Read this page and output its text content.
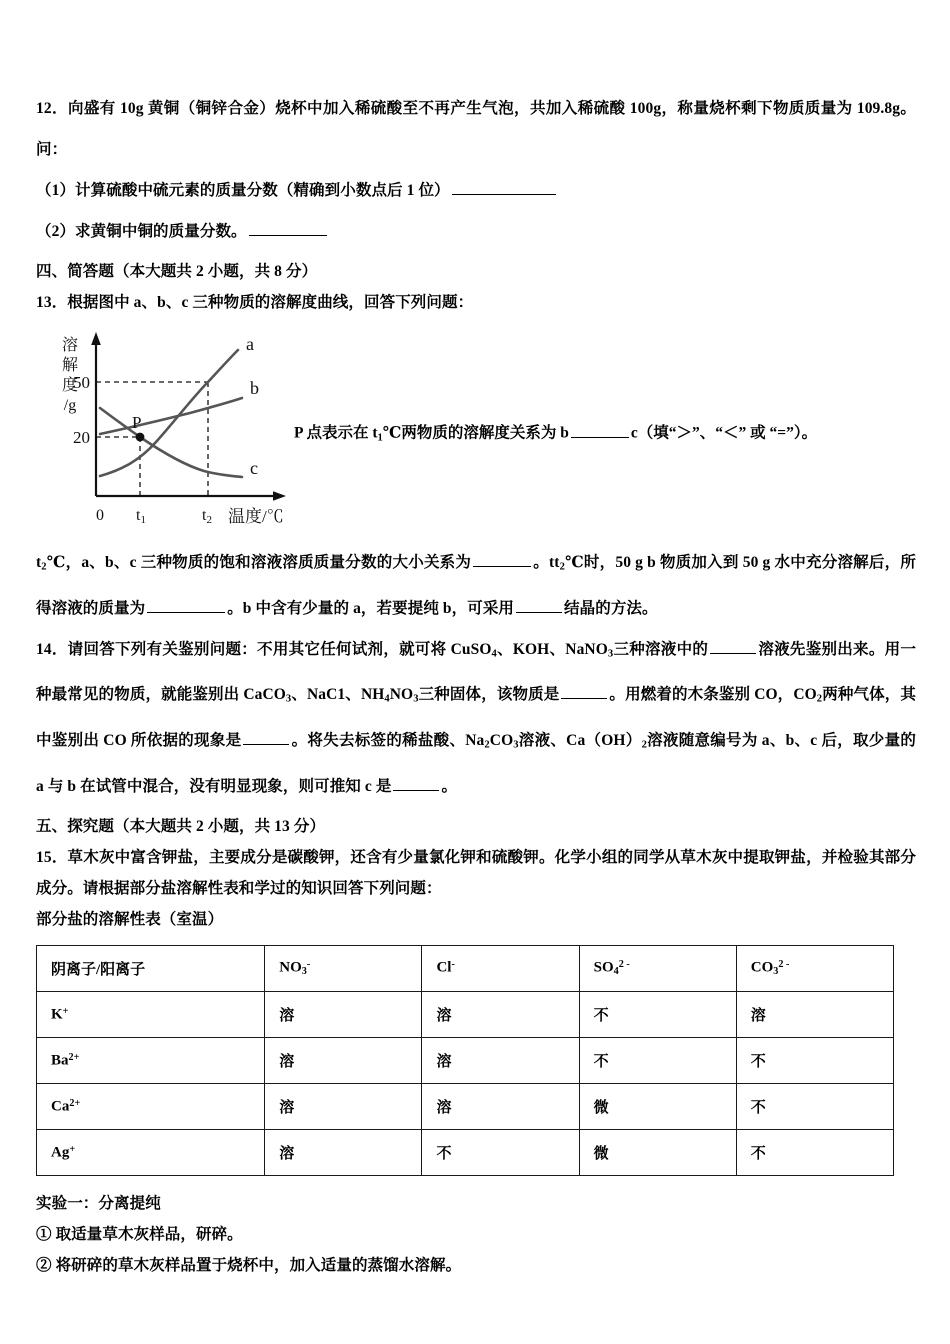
12．向盛有 10g 黄铜（铜锌合金）烧杯中加入稀硫酸至不再产生气泡，共加入稀硫酸 100g，称量烧杯剩下物质质量为 109.8g。问：

（1）计算硫酸中硫元素的质量分数（精确到小数点后 1 位）

（2）求黄铜中铜的质量分数。

四、简答题（本大题共 2 小题，共 8 分）

13．根据图中 a、b、c 三种物质的溶解度曲线，回答下列问题：

50
20
溶
解
度
/g
0 t1	t2 温度/℃
a
b
c
P
P 点表示在 $t_1℃$两物质的溶解度关系为 b	c（填“＞”、“＜” 或 “=”）。

$t_2℃$，a、b、c 三种物质的饱和溶液溶质质量分数的大小关系为	。$tt_2℃$时，50 g b 物质加入到 50 g 水中充分溶解后，所得溶液的质量为	。b 中含有少量的 a，若要提纯 b，可采用	结晶的方法。

14．请回答下列有关鉴别问题：不用其它任何试剂，就可将 CuSO$_4$、KOH、NaNO$_3$三种溶液中的	溶液先鉴别出来。用一种最常见的物质，就能鉴别出 CaCO$_3$、NaC1、$NH_4NO_3$三种固体，该物质是	。用燃着的木条鉴别 CO，$CO_2$两种气体，其中鉴别出 CO 所依据的现象是	。将失去标签的稀盐酸、$Na_2CO_3$溶液、$Ca(OH)_2$溶液随意编号为 a、b、c 后，取少量的 a 与 b 在试管中混合，没有明显现象，则可推知 c 是	。

五、探究题（本大题共 2 小题，共 13 分）

15．草木灰中富含钾盐，主要成分是碳酸钾，还含有少量氯化钾和硫酸钾。化学小组的同学从草木灰中提取钾盐，并检验其部分成分。请根据部分盐溶解性表和学过的知识回答下列问题：

部分盐的溶解性表（室温）

阴离子/阳离子	$NO_3^-$	Cl-	$SO_4^{2 -}$	$CO_3^{2 -}$
K+	溶	溶	不	溶
$Ba^{2+}$	溶	溶	不	不
$Ca^{2+}$	溶	溶	微	不
Ag+	溶	不	微	不

实验一：分离提纯

① 取适量草木灰样品，研碎。

② 将研碎的草木灰样品置于烧杯中，加入适量的蒸馏水溶解。
